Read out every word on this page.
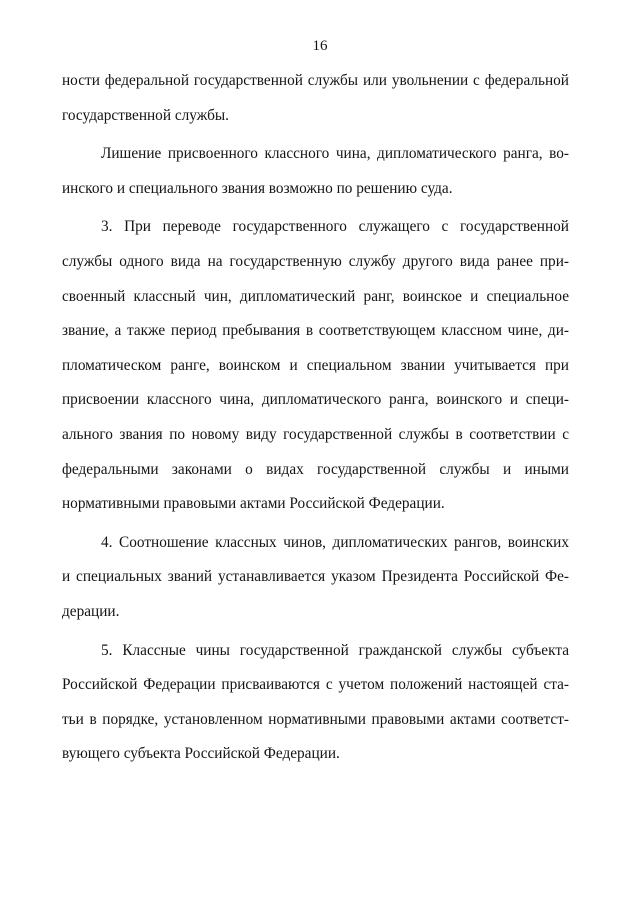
16
ности федеральной государственной службы или увольнении с федеральной
государственной службы.
Лишение присвоенного классного чина, дипломатического ранга, во-
инского и специального звания возможно по решению суда.
3. При переводе государственного служащего с государственной
службы одного вида на государственную службу другого вида ранее при-
своенный классный чин, дипломатический ранг, воинское и специальное
звание, а также период пребывания в соответствующем классном чине, ди-
пломатическом ранге, воинском и специальном звании учитывается при
присвоении классного чина, дипломатического ранга, воинского и специ-
ального звания по новому виду государственной службы в соответствии с
федеральными законами о видах государственной службы и иными
нормативными правовыми актами Российской Федерации.
4. Соотношение классных чинов, дипломатических рангов, воинских
и специальных званий устанавливается указом Президента Российской Фе-
дерации.
5. Классные чины государственной гражданской службы субъекта
Российской Федерации присваиваются с учетом положений настоящей ста-
тьи в порядке, установленном нормативными правовыми актами соответст-
вующего субъекта Российской Федерации.
